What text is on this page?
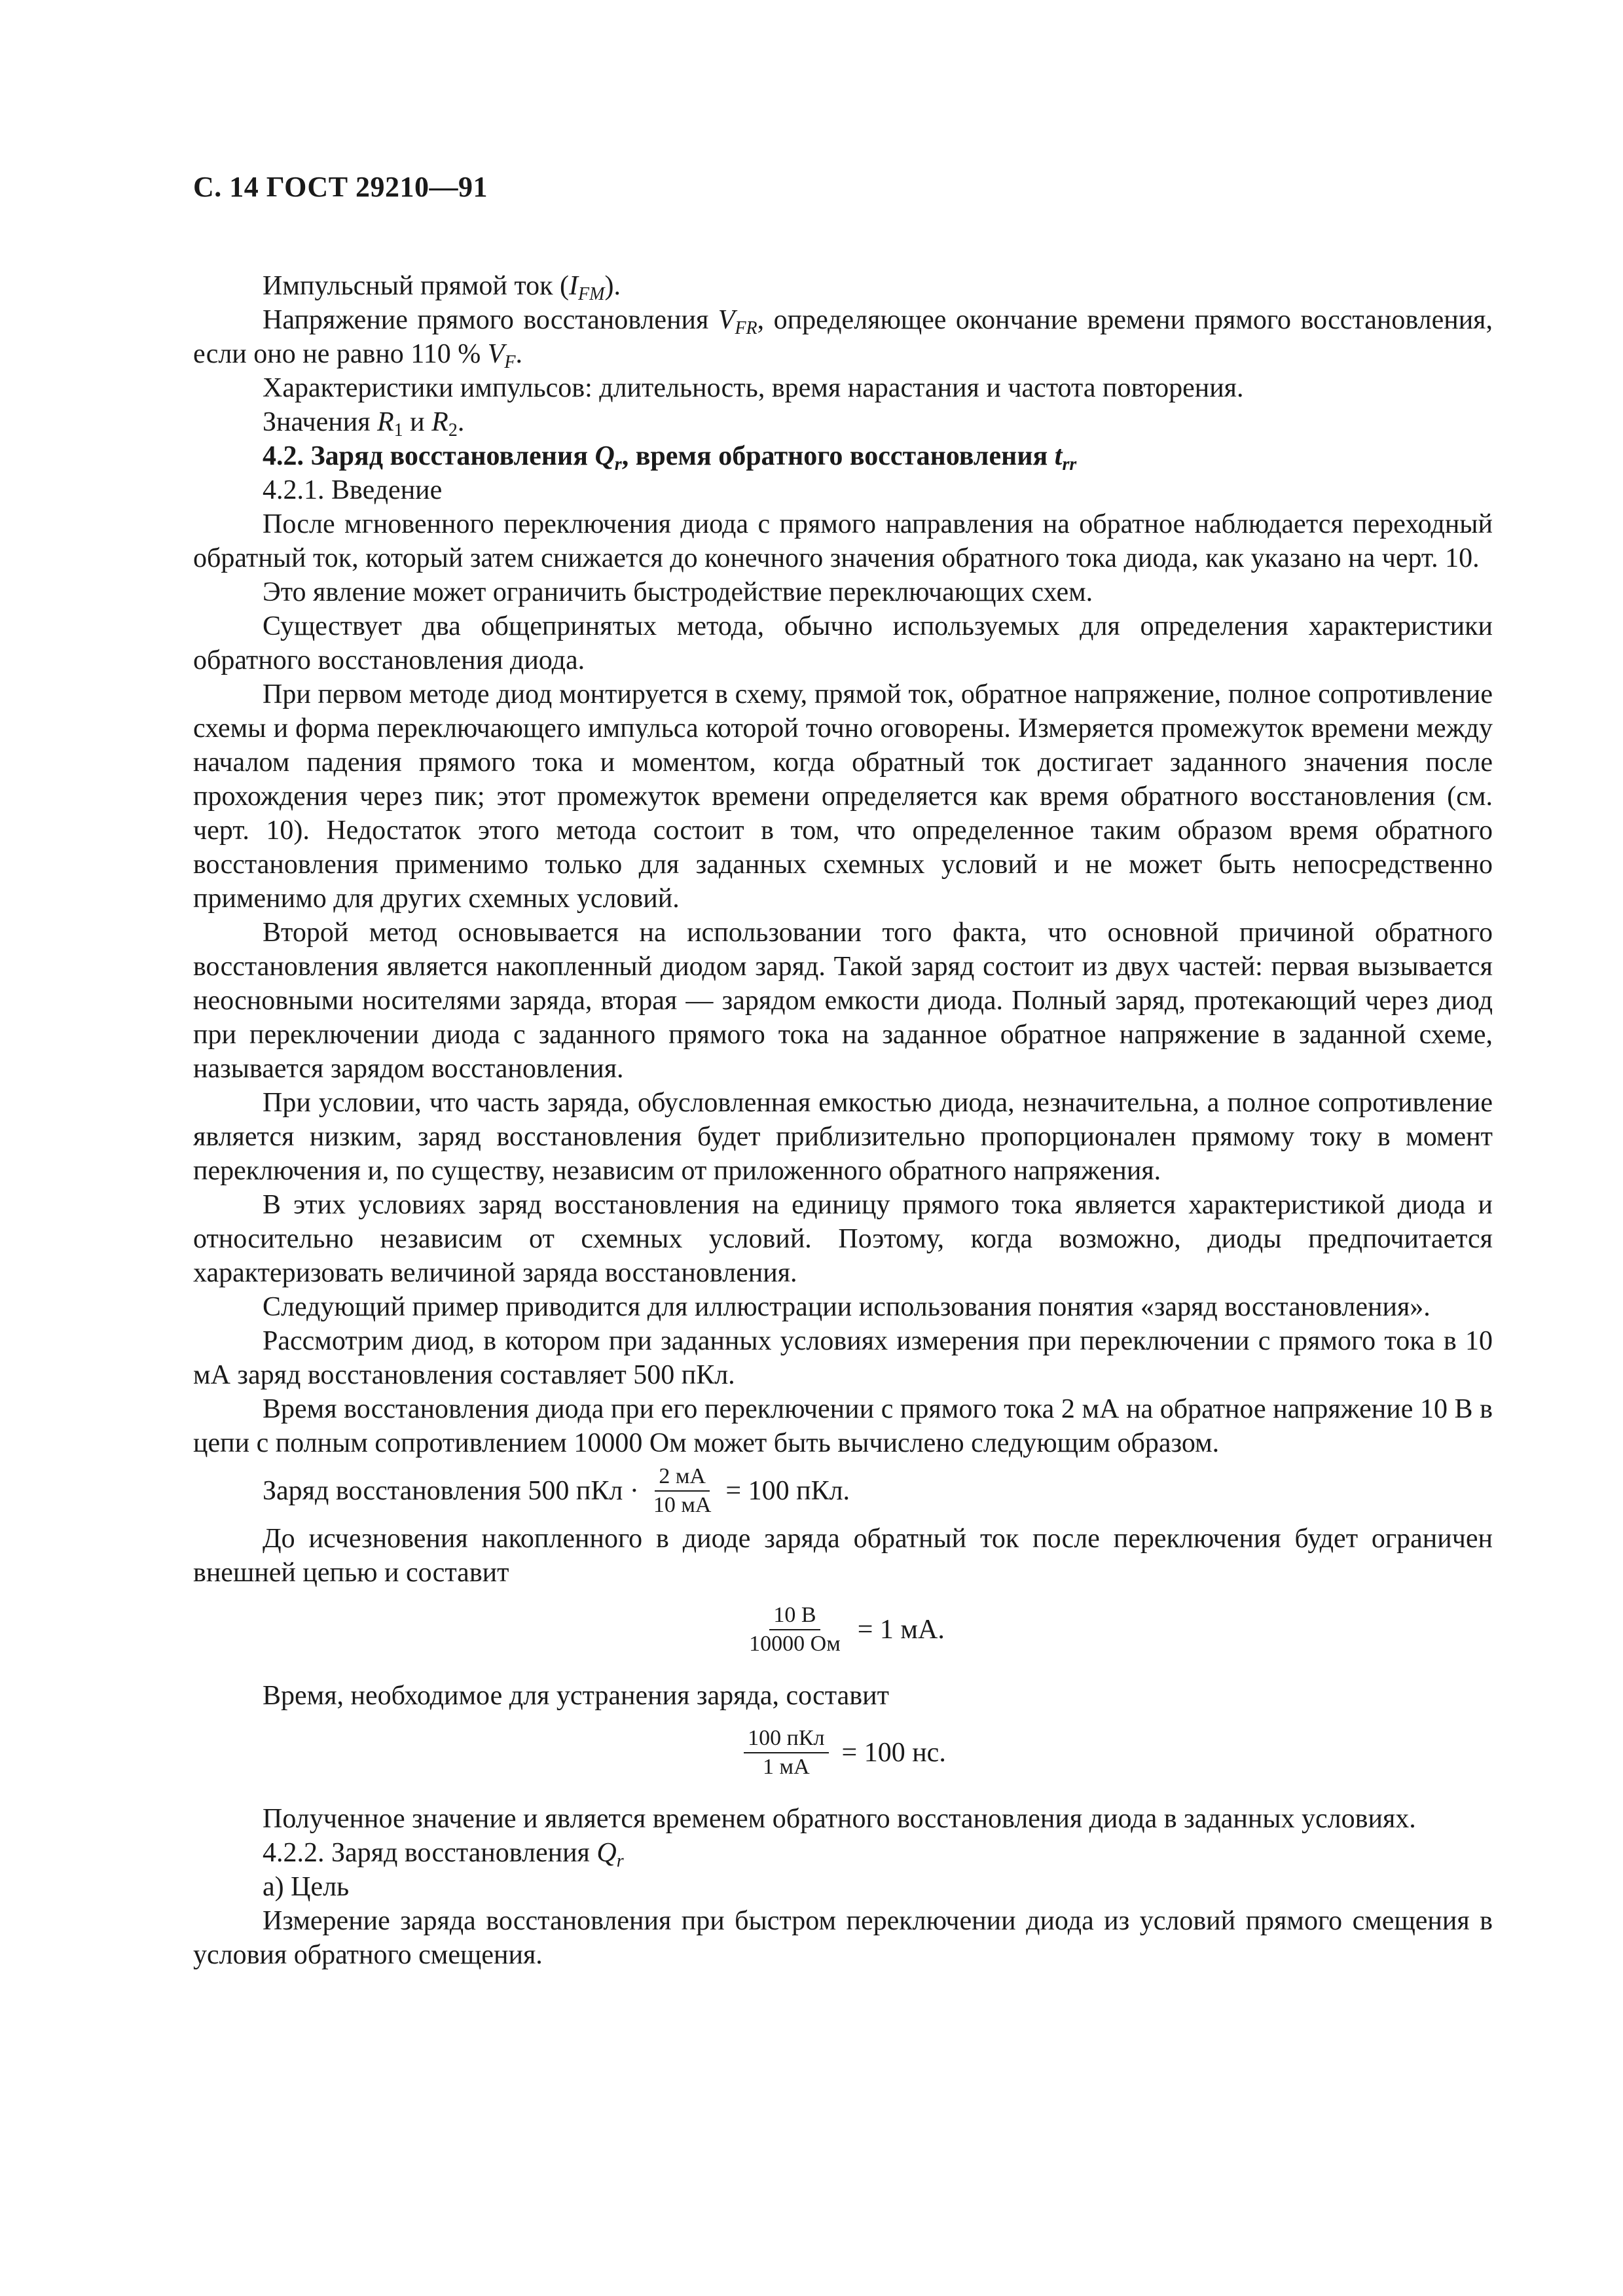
С. 14 ГОСТ 29210—91

Импульсный прямой ток $(I_{FM})$.

Напряжение прямого восстановления $V_{FR}$, определяющее окончание времени прямого восстановления, если оно не равно 110 % $V_F$.

Характеристики импульсов: длительность, время нарастания и частота повторения.

Значения $R_1$ и $R_2$.

4.2. Заряд восстановления $Q_r$, время обратного восстановления $t_{rr}$

4.2.1. Введение

После мгновенного переключения диода с прямого направления на обратное наблюдается переходный обратный ток, который затем снижается до конечного значения обратного тока диода, как указано на черт. 10.

Это явление может ограничить быстродействие переключающих схем.

Существует два общепринятых метода, обычно используемых для определения характеристики обратного восстановления диода.

При первом методе диод монтируется в схему, прямой ток, обратное напряжение, полное сопротивление схемы и форма переключающего импульса которой точно оговорены. Измеряется промежуток времени между началом падения прямого тока и моментом, когда обратный ток достигает заданного значения после прохождения через пик; этот промежуток времени определяется как время обратного восстановления (см. черт. 10). Недостаток этого метода состоит в том, что определенное таким образом время обратного восстановления применимо только для заданных схемных условий и не может быть непосредственно применимо для других схемных условий.

Второй метод основывается на использовании того факта, что основной причиной обратного восстановления является накопленный диодом заряд. Такой заряд состоит из двух частей: первая вызывается неосновными носителями заряда, вторая — зарядом емкости диода. Полный заряд, протекающий через диод при переключении диода с заданного прямого тока на заданное обратное напряжение в заданной схеме, называется зарядом восстановления.

При условии, что часть заряда, обусловленная емкостью диода, незначительна, а полное сопротивление является низким, заряд восстановления будет приблизительно пропорционален прямому току в момент переключения и, по существу, независим от приложенного обратного напряжения.

В этих условиях заряд восстановления на единицу прямого тока является характеристикой диода и относительно независим от схемных условий. Поэтому, когда возможно, диоды предпочитается характеризовать величиной заряда восстановления.

Следующий пример приводится для иллюстрации использования понятия «заряд восстановления».

Рассмотрим диод, в котором при заданных условиях измерения при переключении с прямого тока в 10 мА заряд восстановления составляет 500 пКл.

Время восстановления диода при его переключении с прямого тока 2 мА на обратное напряжение 10 В в цепи с полным сопротивлением 10000 Ом может быть вычислено следующим образом.

Заряд восстановления 500 пКл · $\frac{2 мА}{10 мА} = 100$ пКл.

До исчезновения накопленного в диоде заряда обратный ток после переключения будет ограничен внешней цепью и составит

$\frac{10 В}{10000 Ом} = 1$ мА.

Время, необходимое для устранения заряда, составит

$\frac{\text{100 пКл}}{1 мА} = 100$ нс.

Полученное значение и является временем обратного восстановления диода в заданных условиях.

4.2.2. Заряд восстановления $Q_r$

а) Цель

Измерение заряда восстановления при быстром переключении диода из условий прямого смещения в условия обратного смещения.
